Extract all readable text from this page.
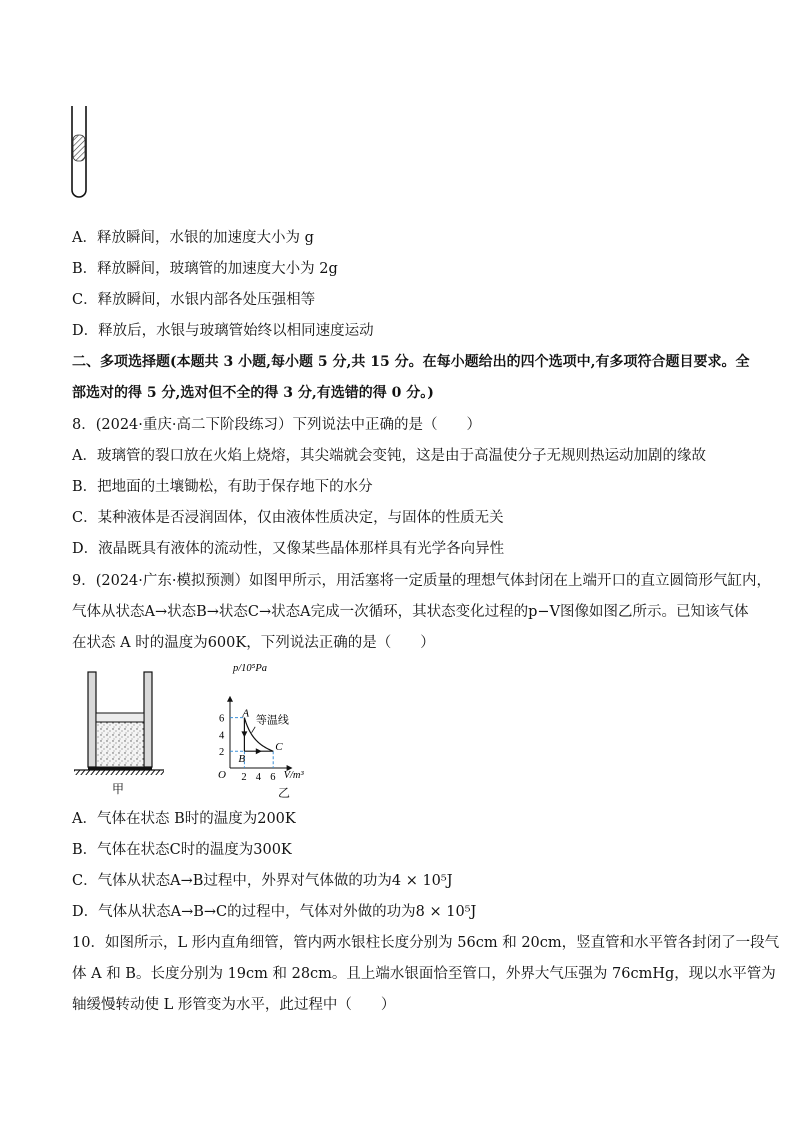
A．释放瞬间，水银的加速度大小为 g
B．释放瞬间，玻璃管的加速度大小为 2g
C．释放瞬间，水银内部各处压强相等
D．释放后，水银与玻璃管始终以相同速度运动
二、多项选择题(本题共 3 小题,每小题 5 分,共 15 分。在每小题给出的四个选项中,有多项符合题目要求。全
部选对的得 5 分,选对但不全的得 3 分,有选错的得 0 分。)
8．(2024·重庆·高二下阶段练习）下列说法中正确的是（　　）
A．玻璃管的裂口放在火焰上烧熔，其尖端就会变钝，这是由于高温使分子无规则热运动加剧的缘故
B．把地面的土壤锄松，有助于保存地下的水分
C．某种液体是否浸润固体，仅由液体性质决定，与固体的性质无关
D．液晶既具有液体的流动性，又像某些晶体那样具有光学各向异性
9．(2024·广东·模拟预测）如图甲所示，用活塞将一定质量的理想气体封闭在上端开口的直立圆筒形气缸内，
气体从状态A→状态B→状态C→状态A完成一次循环，其状态变化过程的p−V图像如图乙所示。已知该气体
在状态 A 时的温度为600K，下列说法正确的是（　　）
甲
p/10⁵Pa
V/m³
O
2
4
6
2 4 6
等温线
A
B
C
乙
A．气体在状态 B时的温度为200K
B．气体在状态C时的温度为300K
C．气体从状态A→B过程中，外界对气体做的功为4 × 10⁵J
D．气体从状态A→B→C的过程中，气体对外做的功为8 × 10⁵J
10．如图所示，L 形内直角细管，管内两水银柱长度分别为 56cm 和 20cm，竖直管和水平管各封闭了一段气
体 A 和 B。长度分别为 19cm 和 28cm。且上端水银面恰至管口，外界大气压强为 76cmHg，现以水平管为
轴缓慢转动使 L 形管变为水平，此过程中（　　）
